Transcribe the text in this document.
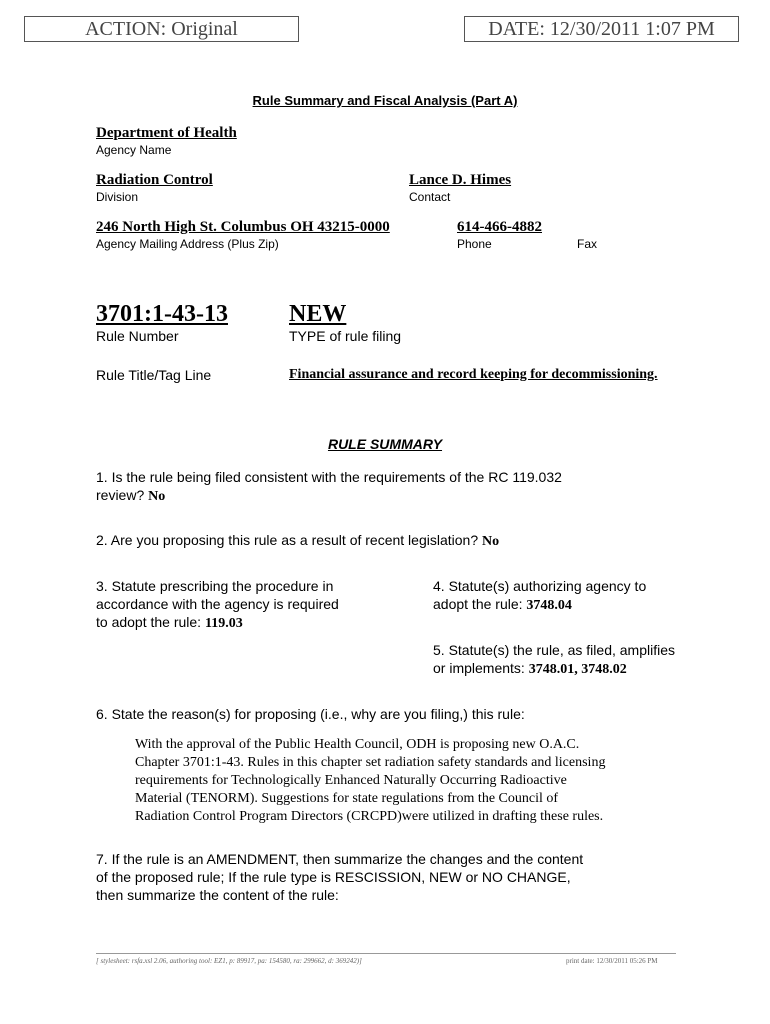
ACTION: Original	DATE: 12/30/2011 1:07 PM
Rule Summary and Fiscal Analysis (Part A)
Department of Health
Agency Name
Radiation Control
Division
Lance D. Himes
Contact
246 North High St. Columbus OH 43215-0000
Agency Mailing Address (Plus Zip)
614-466-4882
Phone	Fax
3701:1-43-13
Rule Number
NEW
TYPE of rule filing
Rule Title/Tag Line	Financial assurance and record keeping for decommissioning.
RULE SUMMARY
1. Is the rule being filed consistent with the requirements of the RC 119.032
review? No
2. Are you proposing this rule as a result of recent legislation? No
3. Statute prescribing the procedure in
accordance with the agency is required
to adopt the rule: 119.03
4. Statute(s) authorizing agency to
adopt the rule: 3748.04
5. Statute(s) the rule, as filed, amplifies
or implements: 3748.01, 3748.02
6. State the reason(s) for proposing (i.e., why are you filing,) this rule:
With the approval of the Public Health Council, ODH is proposing new O.A.C.
Chapter 3701:1-43. Rules in this chapter set radiation safety standards and licensing
requirements for Technologically Enhanced Naturally Occurring Radioactive
Material (TENORM). Suggestions for state regulations from the Council of
Radiation Control Program Directors (CRCPD)were utilized in drafting these rules.
7. If the rule is an AMENDMENT, then summarize the changes and the content
of the proposed rule; If the rule type is RESCISSION, NEW or NO CHANGE,
then summarize the content of the rule:
[ stylesheet: rsfa.xsl 2.06, authoring tool: EZ1, p: 89917, pa: 154580, ra: 299662, d: 369242)]	print date: 12/30/2011 05:26 PM
